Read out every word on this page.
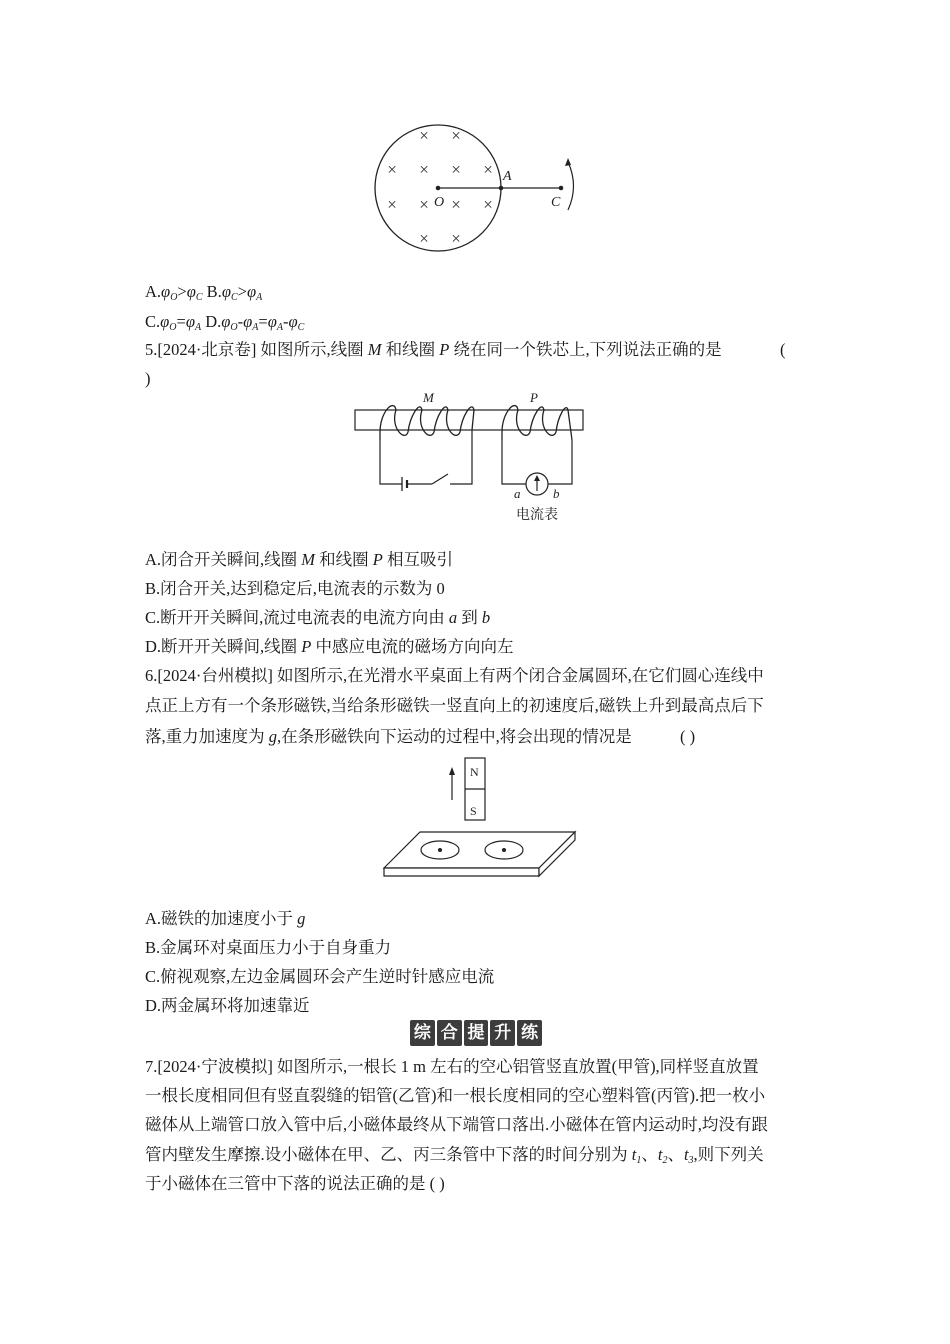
× ×
× × × ×
× × × ×
× ×
O
A
C
$A.\varphi_O>\varphi_C$ $B.\varphi_C>\varphi_A$
$C.\varphi_O=\varphi_A$ $D.\varphi_O-\varphi_A=\varphi_A-\varphi_C$
5.[2024·北京卷] 如图所示,线圈 M 和线圈 P 绕在同一个铁芯上,下列说法正确的是	(
)
M	P
a	b
电流表
A.闭合开关瞬间,线圈 M 和线圈 P 相互吸引
B.闭合开关,达到稳定后,电流表的示数为 0
C.断开开关瞬间,流过电流表的电流方向由 a 到 b
D.断开开关瞬间,线圈 P 中感应电流的磁场方向向左
6.[2024·台州模拟] 如图所示,在光滑水平桌面上有两个闭合金属圆环,在它们圆心连线中
点正上方有一个条形磁铁,当给条形磁铁一竖直向上的初速度后,磁铁上升到最高点后下
落,重力加速度为 g,在条形磁铁向下运动的过程中,将会出现的情况是	( )
N
S
A.磁铁的加速度小于 g
B.金属环对桌面压力小于自身重力
C.俯视观察,左边金属圆环会产生逆时针感应电流
D.两金属环将加速靠近
综 合 提 升 练
7.[2024·宁波模拟] 如图所示,一根长 1 m 左右的空心铝管竖直放置(甲管),同样竖直放置
一根长度相同但有竖直裂缝的铝管(乙管)和一根长度相同的空心塑料管(丙管).把一枚小
磁体从上端管口放入管中后,小磁体最终从下端管口落出.小磁体在管内运动时,均没有跟
管内壁发生摩擦.设小磁体在甲、乙、丙三条管中下落的时间分别为 $t_1$、$t_2$、$t_3$,则下列关
于小磁体在三管中下落的说法正确的是 ( )
